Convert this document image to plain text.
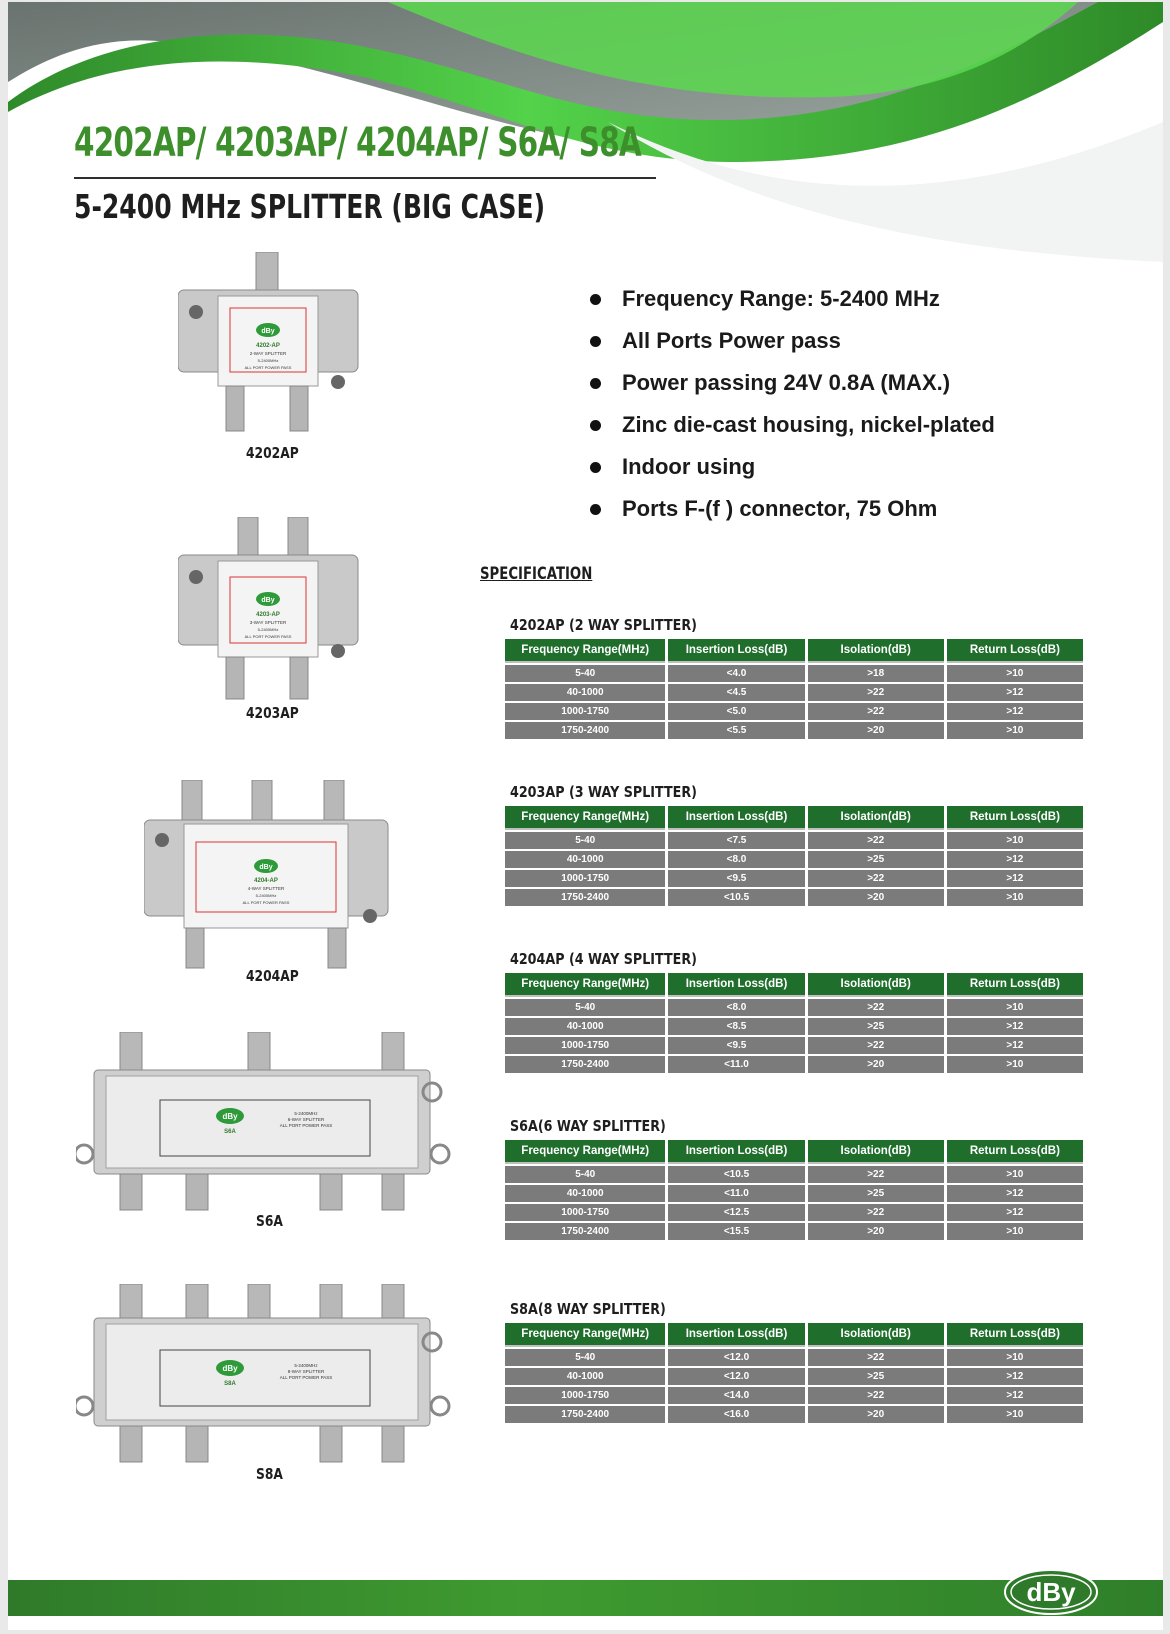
4202AP/ 4203AP/ 4204AP/ S6A/ S8A
5-2400 MHz SPLITTER (BIG CASE)
Frequency Range: 5-2400 MHz
All Ports Power pass
Power passing 24V 0.8A (MAX.)
Zinc die-cast housing, nickel-plated
Indoor using
Ports F-(f ) connector, 75 Ohm
SPECIFICATION
dBy
4202-AP
2-WAY SPLITTER
5-2400MHz
ALL PORT POWER PASS
4202AP
dBy
4203-AP
3-WAY SPLITTER
5-2400MHz
ALL PORT POWER PASS
4203AP
dBy
4204-AP
4-WAY SPLITTER
5-2400MHz
ALL PORT POWER PASS
4204AP
dBy
S6A
5-2400MHz
6-WAY SPLITTER
ALL PORT POWER PASS
S6A
dBy
S8A
5-2400MHz
8-WAY SPLITTER
ALL PORT POWER PASS
S8A
4202AP (2 WAY SPLITTER)
Frequency Range(MHz)	Insertion Loss(dB)	Isolation(dB)	Return Loss(dB)
5-40	<4.0	>18	>10
40-1000	<4.5	>22	>12
1000-1750	<5.0	>22	>12
1750-2400	<5.5	>20	>10
4203AP (3 WAY SPLITTER)
Frequency Range(MHz)	Insertion Loss(dB)	Isolation(dB)	Return Loss(dB)
5-40	<7.5	>22	>10
40-1000	<8.0	>25	>12
1000-1750	<9.5	>22	>12
1750-2400	<10.5	>20	>10
4204AP (4 WAY SPLITTER)
Frequency Range(MHz)	Insertion Loss(dB)	Isolation(dB)	Return Loss(dB)
5-40	<8.0	>22	>10
40-1000	<8.5	>25	>12
1000-1750	<9.5	>22	>12
1750-2400	<11.0	>20	>10
S6A(6 WAY SPLITTER)
Frequency Range(MHz)	Insertion Loss(dB)	Isolation(dB)	Return Loss(dB)
5-40	<10.5	>22	>10
40-1000	<11.0	>25	>12
1000-1750	<12.5	>22	>12
1750-2400	<15.5	>20	>10
S8A(8 WAY SPLITTER)
Frequency Range(MHz)	Insertion Loss(dB)	Isolation(dB)	Return Loss(dB)
5-40	<12.0	>22	>10
40-1000	<12.0	>25	>12
1000-1750	<14.0	>22	>12
1750-2400	<16.0	>20	>10
dBy
